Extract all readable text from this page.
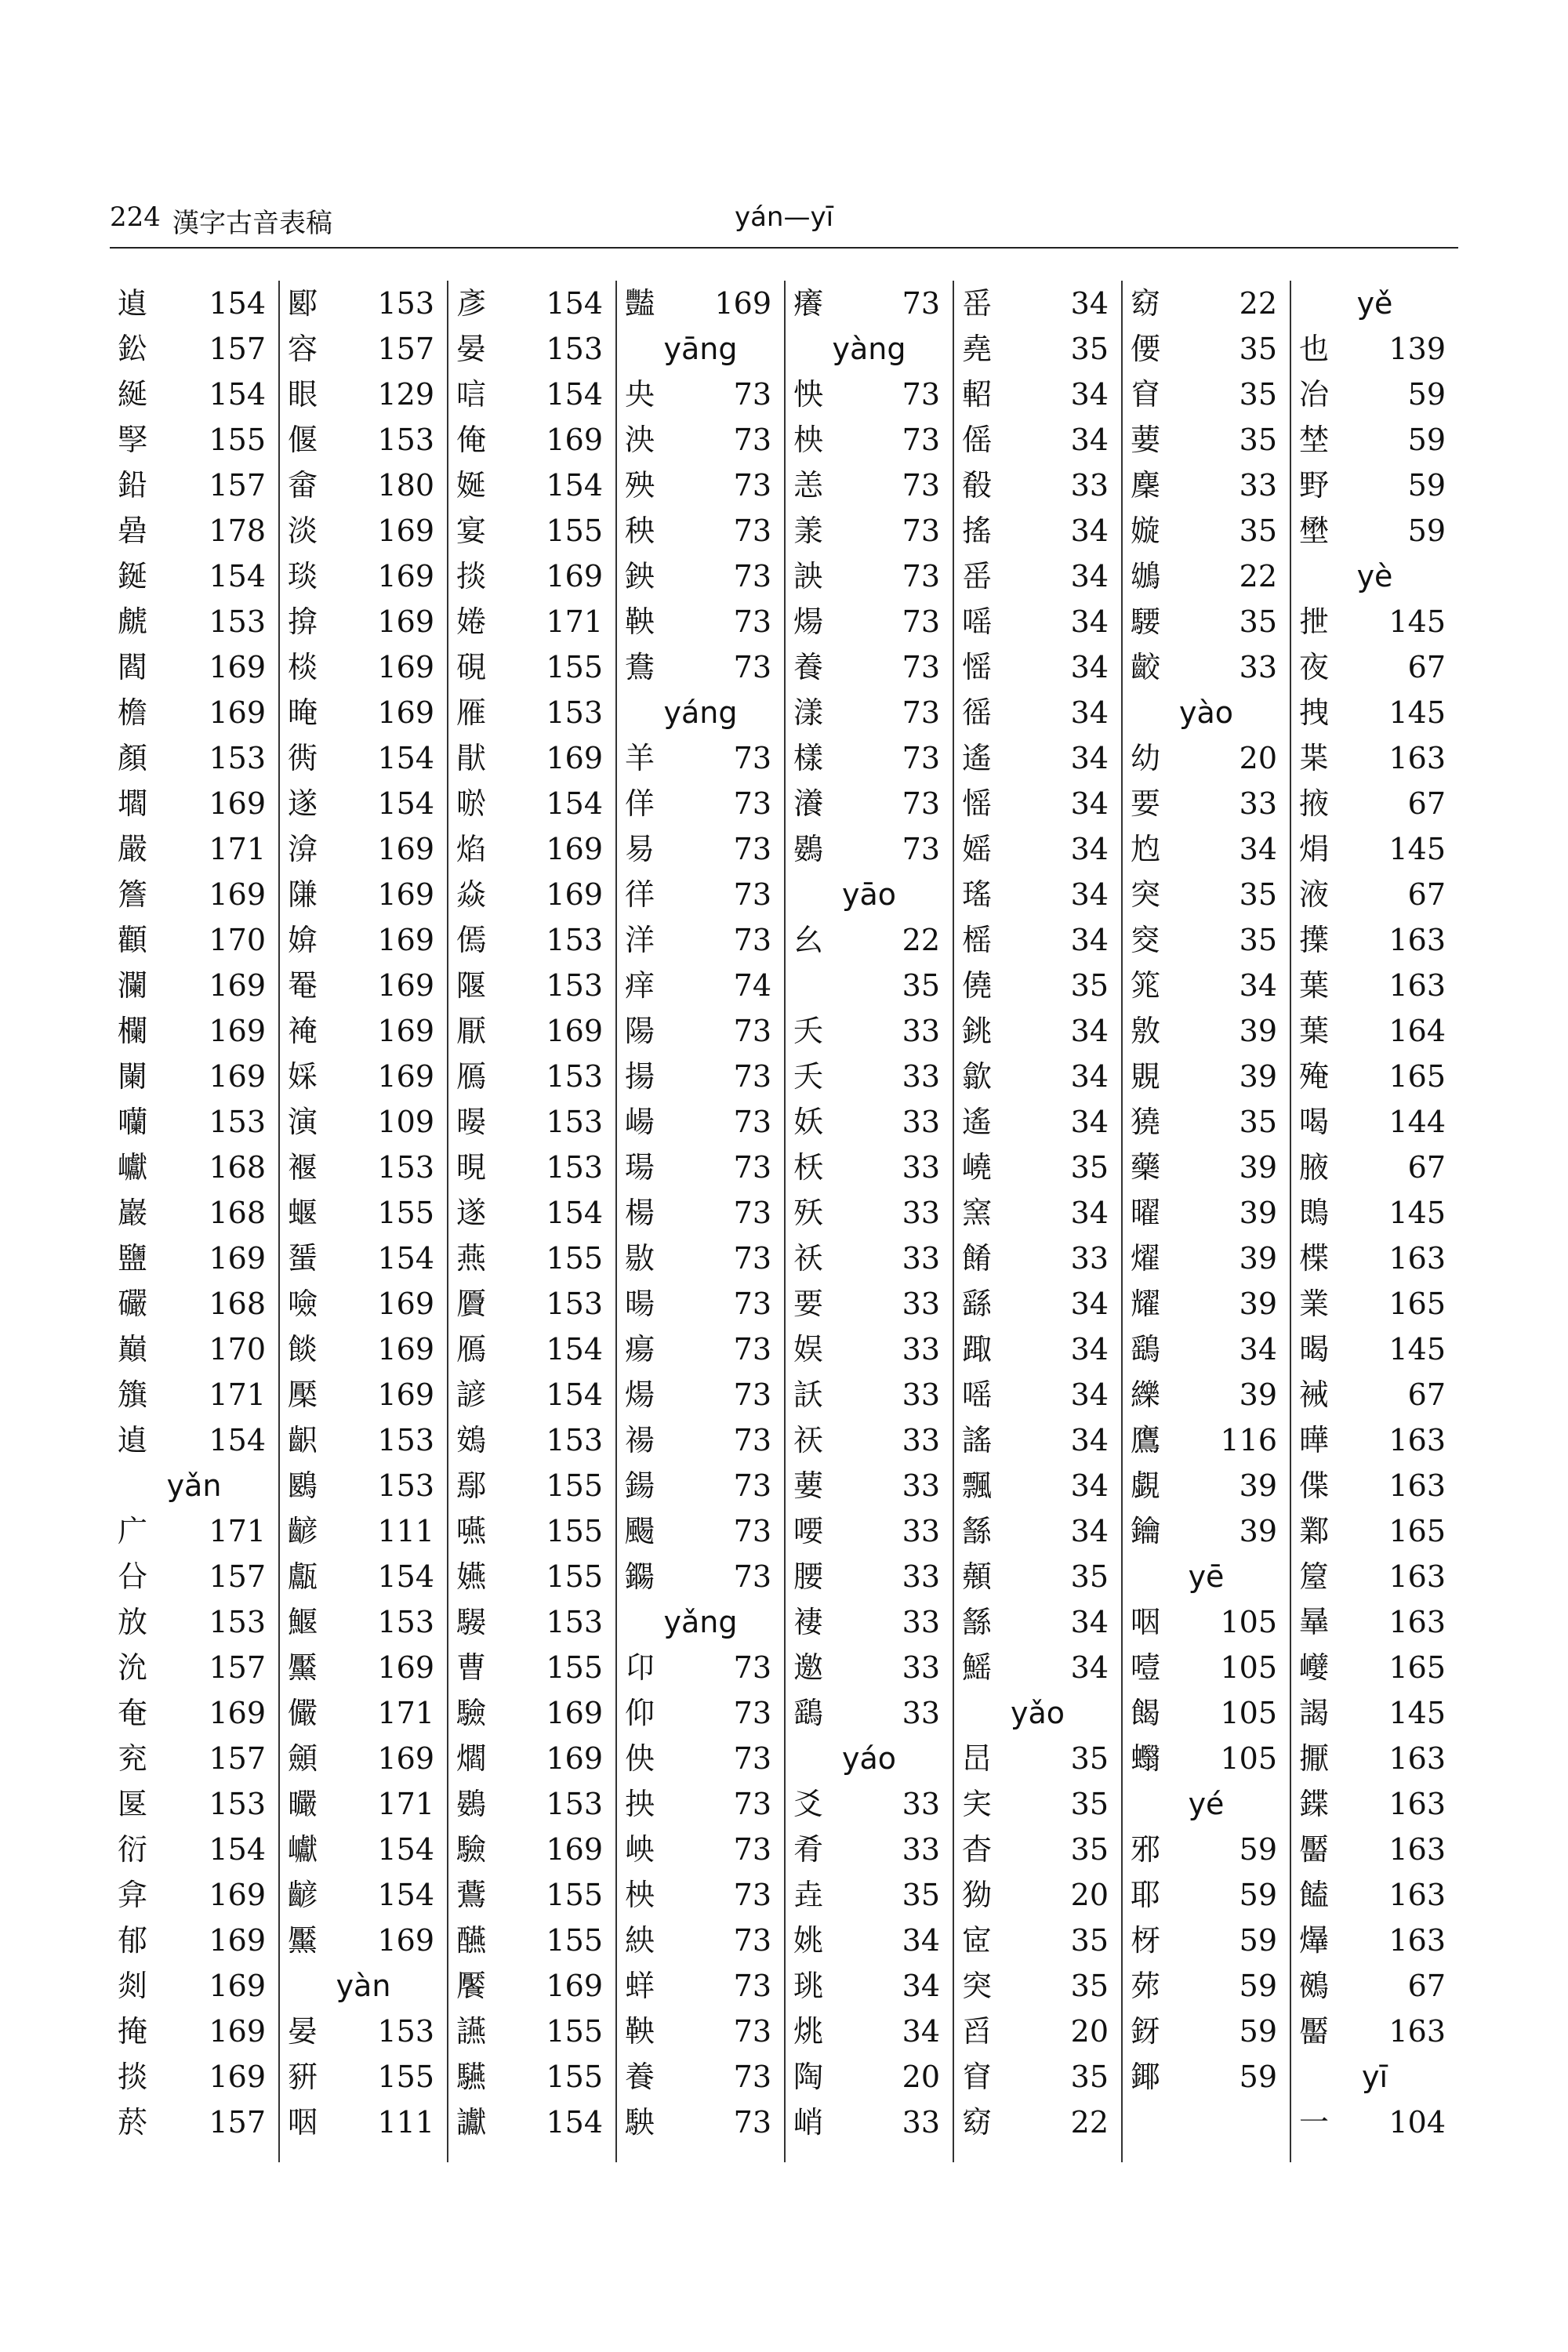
224 漢字古音表稿	yán—yī
遉 154
鈆 157
綖 154
孯 155
鉛 157
碞 178
鋋 154
虤 153
閻 169
檐 169
顏 153
壛 169
嚴 171
簷 169
顴 170
瀾 169
欄 169
闌 169
囒 153
巘 168
巖 168
鹽 169
礹 168
巔 170
籏 171
遉 154
yǎn
广 171
㕣 157
放 153
沇 157
奄 169
兖 157
匽 153
衍 154
弇 169
郁 169
剡 169
掩 169
掞 169
菸 157
郾 153
容 157
眼 129
偃 153
畲 180
淡 169
琰 169
揜 169
棪 169
晻 169
衖 154
遂 154
渰 169
隒 169
媕 169
罨 169
裺 169
婇 169
演 109
褗 153
蝘 155
蜑 154
噞 169
餤 169
檿 169
齞 153
鶠 153
齴 111
甗 154
鰋 153
黶 169
儼 171
顩 169
曮 171
巘 154
齴 154
黶 169
yàn
晏 153
豣 155
咽 111
彥 154
晏 153
唁 154
俺 169
娫 154
宴 155
掞 169
婘 171
硯 155
雁 153
猒 169
唹 154
焰 169
焱 169
傿 153
隁 153
厭 169
鴈 153
暥 153
晛 153
遂 154
燕 155
贗 153
鴈 154
諺 154
鴳 153
鄢 155
嚥 155
嬿 155
騴 153
曹 155
驗 169
爓 169
鷃 153
驗 169
鷰 155
醼 155
饜 169
讌 155
驠 155
讞 154
豔 169
yāng
央	73
泱	73
殃	73
秧	73
鉠	73
鞅	73
鴦	73
yáng
羊	73
佯	73
易	73
徉	73
洋	73
痒	74
陽	73
揚	73
崵	73
瑒	73
楊	73
敭	73
暘	73
瘍	73
煬	73
禓	73
鍚	73
颺	73
鐊	73
yǎng
卬	73
仰	73
佒	73
抰	73
岟	73
柍	73
紻	73
蛘	73
鞅	73
養	73
駚	73
癢	73
yàng
怏	73
柍	73
恙	73
羕	73
詇	73
煬	73
養	73
漾	73
樣	73
瀁	73
鷃	73
yāo
幺	22
35
夭	33
夭	33
妖	33
枖	33
殀	33
祅	33
要	33
娱	33
訞	33
祆	33
葽	33
喓	33
腰	33
褄	33
邀	33
鷂	33
yáo
爻	33
肴	33
垚	35
姚	34
珧	34
烑	34
陶	20
峭	33
䍃	34
堯	35
軺	34
傜	34
殽	33
搖	34
䍃	34
嗂	34
愮	34
徭	34
遙	34
愮	34
媱	34
瑤	34
榣	34
僥	35
銚	34
歙	34
遙	34
嶢	35
窯	34
餚	33
繇	34
踙	34
嗂	34
謠	34
飄	34
䌛	34
顤	35
䌛	34
鰩	34
yǎo
旵	35
宎	35
杳	35
狕	20
宧	35
突	35
舀	20
窅	35
窈	22
窈	22
偠	35
窅	35
葽	35
麇	33
嫙	35
鴢	22
騕	35
齩	33
yào
幼	20
要	33
尥	34
突	35
窔	35
筄	34
敫	39
覞	39
獟	35
藥	39
曜	39
燿	39
耀	39
鷂	34
纅	39
鷹 116
覷	39
鑰	39
yē
咽 105
噎 105
餲 105
蠮 105
yé
邪	59
耶	59
枒	59
茒	59
釾	59
鎁	59
yě
也 139
冶	59
埜	59
野	59
壄	59
yè
抴 145
夜	67
拽 145
枼 163
掖	67
焆 145
液	67
擛 163
葉 163
葉 164
殗 165
喝 144
腋	67
鵖 145
楪 163
業 165
暍 145
裓	67
曄 163
偞 163
鄴 165
箼 163
曅 163
巕 165
謁 145
擫 163
鍱 163
靨 163
饁 163
爗 163
鵺	67
靨 163
yī
一 104
